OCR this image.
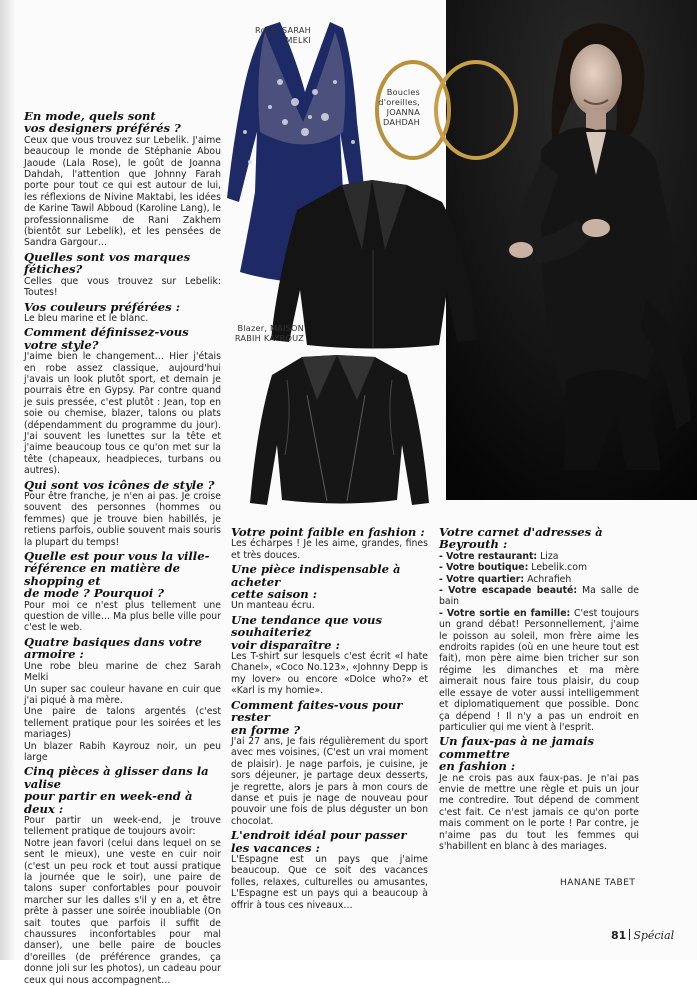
Robe, SARAH MELKI
Boucles d'oreilles, JOANNA DAHDAH
Blazer, MAISON RABIH KAYROUZ
En mode, quels sont
vos designers préférés ?

Ceux que vous trouvez sur Lebelik. J'aime beaucoup le monde de Stéphanie Abou Jaoude (Lala Rose), le goût de Joanna Dahdah, l'attention que Johnny Farah porte pour tout ce qui est autour de lui, les réflexions de Nivine Maktabi, les idées de Karine Tawil Abboud (Karoline Lang), le professionnalisme de Rani Zakhem (bientôt sur Lebelik), et les pensées de Sandra Gargour…

Quelles sont vos marques fétiches?

Celles que vous trouvez sur Lebelik: Toutes!

Vos couleurs préférées :

Le bleu marine et le blanc.

Comment définissez-vous votre style?

J'aime bien le changement… Hier j'étais en robe assez classique, aujourd'hui j'avais un look plutôt sport, et demain je pourrais être en Gypsy. Par contre quand je suis pressée, c'est plutôt : Jean, top en soie ou chemise, blazer, talons ou plats (dépendamment du programme du jour). J'ai souvent les lunettes sur la tête et j'aime beaucoup tous ce qu'on met sur la tête (chapeaux, headpieces, turbans ou autres).

Qui sont vos icônes de style ?

Pour être franche, je n'en ai pas. Je croise souvent des personnes (hommes ou femmes) que je trouve bien habillés, je retiens parfois, oublie souvent mais souris la plupart du temps!

Quelle est pour vous la ville-
référence en matière de shopping et
de mode ? Pourquoi ?

Pour moi ce n'est plus tellement une question de ville… Ma plus belle ville pour c'est le web.

Quatre basiques dans votre armoire :

Une robe bleu marine de chez Sarah Melki

Un super sac couleur havane en cuir que j'ai piqué à ma mère.

Une paire de talons argentés (c'est tellement pratique pour les soirées et les mariages)

Un blazer Rabih Kayrouz noir, un peu large

Cinq pièces à glisser dans la valise
pour partir en week-end à deux :

Pour partir un week-end, je trouve tellement pratique de toujours avoir:

Notre jean favori (celui dans lequel on se sent le mieux), une veste en cuir noir (c'est un peu rock et tout aussi pratique la journée que le soir), une paire de talons super confortables pour pouvoir marcher sur les dalles s'il y en a, et être prête à passer une soirée inoubliable (On sait toutes que parfois il suffit de chaussures inconfortables pour mal danser), une belle paire de boucles d'oreilles (de préférence grandes, ça donne joli sur les photos), un cadeau pour ceux qui nous accompagnent…

Votre point faible en fashion :

Les écharpes ! Je les aime, grandes, fines et très douces.

Une pièce indispensable à acheter
cette saison :

Un manteau écru.

Une tendance que vous souhaiteriez
voir disparaître :

Les T-shirt sur lesquels c'est écrit «I hate Chanel», «Coco No.123», «Johnny Depp is my lover» ou encore «Dolce who?» et «Karl is my homie».

Comment faites-vous pour rester
en forme ?

J'ai 27 ans, Je fais régulièrement du sport avec mes voisines, (C'est un vrai moment de plaisir). Je nage parfois, je cuisine, je sors déjeuner, je partage deux desserts, je regrette, alors je pars à mon cours de danse et puis je nage de nouveau pour pouvoir une fois de plus déguster un bon chocolat.

L'endroit idéal pour passer
les vacances :

L'Espagne est un pays que j'aime beaucoup. Que ce soit des vacances folles, relaxes, culturelles ou amusantes, L'Espagne est un pays qui a beaucoup à offrir à tous ces niveaux…

Votre carnet d'adresses à Beyrouth :

- Votre restaurant: Liza

- Votre boutique: Lebelik.com

- Votre quartier: Achrafieh

- Votre escapade beauté: Ma salle de bain

- Votre sortie en famille: C'est toujours un grand débat! Personnellement, j'aime le poisson au soleil, mon frère aime les endroits rapides (où en une heure tout est fait), mon père aime bien tricher sur son régime les dimanches et ma mère aimerait nous faire tous plaisir, du coup elle essaye de voter aussi intelligemment et diplomatiquement que possible. Donc ça dépend ! Il n'y a pas un endroit en particulier qui me vient à l'esprit.

Un faux-pas à ne jamais commettre
en fashion :

Je ne crois pas aux faux-pas. Je n'ai pas envie de mettre une règle et puis un jour me contredire. Tout dépend de comment c'est fait. Ce n'est jamais ce qu'on porte mais comment on le porte ! Par contre, je n'aime pas du tout les femmes qui s'habillent en blanc à des mariages.

HANANE TABET
81 Spécial
